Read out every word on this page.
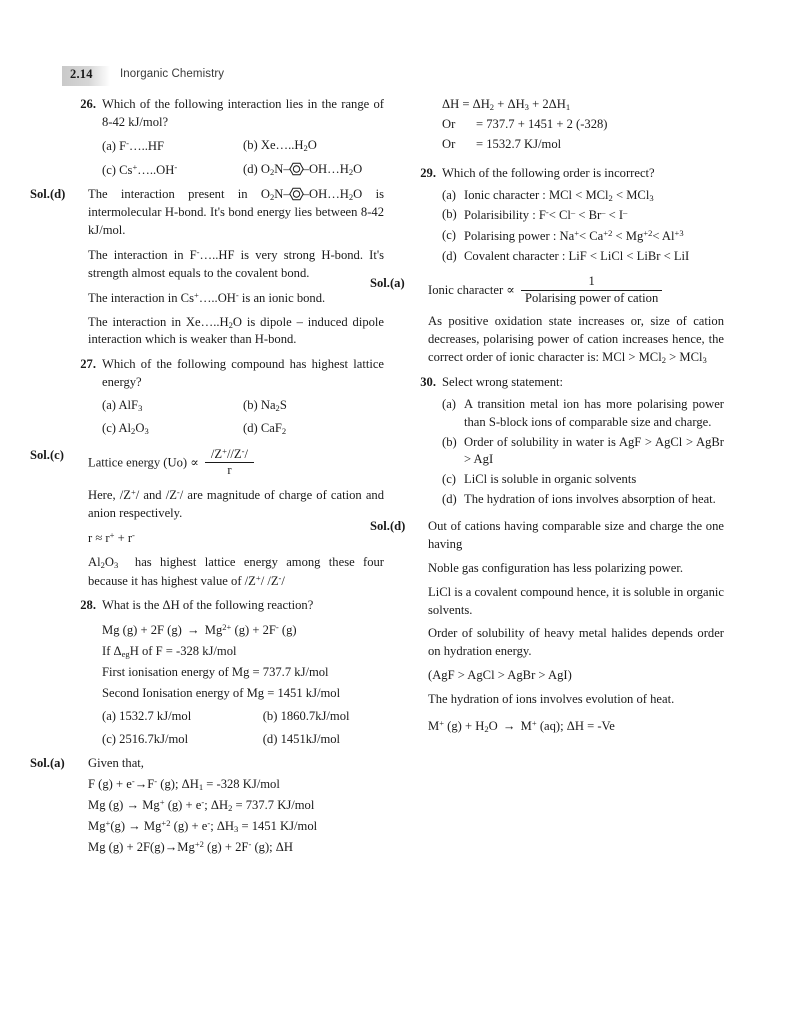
2.14 Inorganic Chemistry
26. Which of the following interaction lies in the range of 8-42 kJ/mol?
(a) F-…..HF	(b) $Xe\dots..H_2O$
(c) Cs+…..OH-	(d) $O_2N-$ $-OH\dots H_2O$
Sol.(d)	The interaction present in $O_2N-$ $-OH\dots H_2O$ is intermolecular H-bond. It's bond energy lies between 8-42 kJ/mol.
The interaction in F-…..HF is very strong H-bond. It's strength almost equals to the covalent bond.
The interaction in Cs+…..OH- is an ionic bond.
The interaction in $Xe\dots..H_2O$ is dipole – induced dipole interaction which is weaker than H-bond.
27. Which of the following compound has highest lattice energy?
(a) AlF$_3$	(b) $Na_2S$
(c) $Al_2O_3$	(d) CaF$_2$
Sol.(c)
Lattice energy $(Uo) \propto \frac{/Z^+//Z^-/}{r}$
Here, /Z+/ and /Z-/ are magnitude of charge of cation and anion respectively.
r ≈ r+ + r-
$Al_2O_3$  has highest lattice energy among these four because it has highest value of /Z+/ /Z-/
28. What is the ΔH of the following reaction?
Mg (g) + 2F $(g) \to Mg^{2+}$ (g) + 2F- (g)
If $\Delta_{eg}H$ of F = -328 kJ/mol
First ionisation energy of Mg = 737.7 kJ/mol
Second Ionisation energy of Mg = 1451 kJ/mol
(a) 1532.7 kJ/mol	(b) 1860.7kJ/mol
(c) 2516.7kJ/mol	(d) 1451kJ/mol
Sol.(a)	Given that,
F (g) + e-→F- (g); $\Delta H_1 = -328$ KJ/mol
Mg (g) → Mg+ (g) + e-; $\Delta H_2 = 737.7$ KJ/mol
$Mg^+(g) \to Mg^{+2}$ (g) + e-; $\Delta H_3 = 1451$ KJ/mol
Mg $(g) + 2F(g)\to Mg^{+2}$ (g) + 2F- (g); ΔH
$\Delta H = \Delta H_2 + \Delta H_3 + 2\Delta H_1$
Or = 737.7 + 1451 + 2 (-328)
Or = 1532.7 KJ/mol
29. Which of the following order is incorrect?
(a) Ionic character : MCl < MCl$_2$ < MCl$_3$
(b) Polarisibility : F-< Cl– < Br– < I–
(c) Polarising power : $Na^+< Ca^{+2} < Mg^{+2}< Al^{+3}$
(d) Covalent character : LiF < LiCl < LiBr < LiI
Sol.(a)
Ionic character ∝ $\frac{1}{\text{Polarising power of cation}}$
As positive oxidation state increases or, size of cation decreases, polarising power of cation increases hence, the correct order of ionic character is: MCl > MCl$_2$ > MCl$_3$
30. Select wrong statement:
(a) A transition metal ion has more polarising power than S-block ions of comparable size and charge.
(b) Order of solubility in water is AgF > AgCl > AgBr > AgI
(c) LiCl is soluble in organic solvents
(d) The hydration of ions involves absorption of heat.
Sol.(d)	Out of cations having comparable size and charge the one having
Noble gas configuration has less polarizing power.
LiCl is a covalent compound hence, it is soluble in organic solvents.
Order of solubility of heavy metal halides depends order on hydration energy.
(AgF > AgCl > AgBr > AgI)
The hydration of ions involves evolution of heat.
M+ $(g) + H_2O \to M^+$ (aq); ΔH = -Ve
